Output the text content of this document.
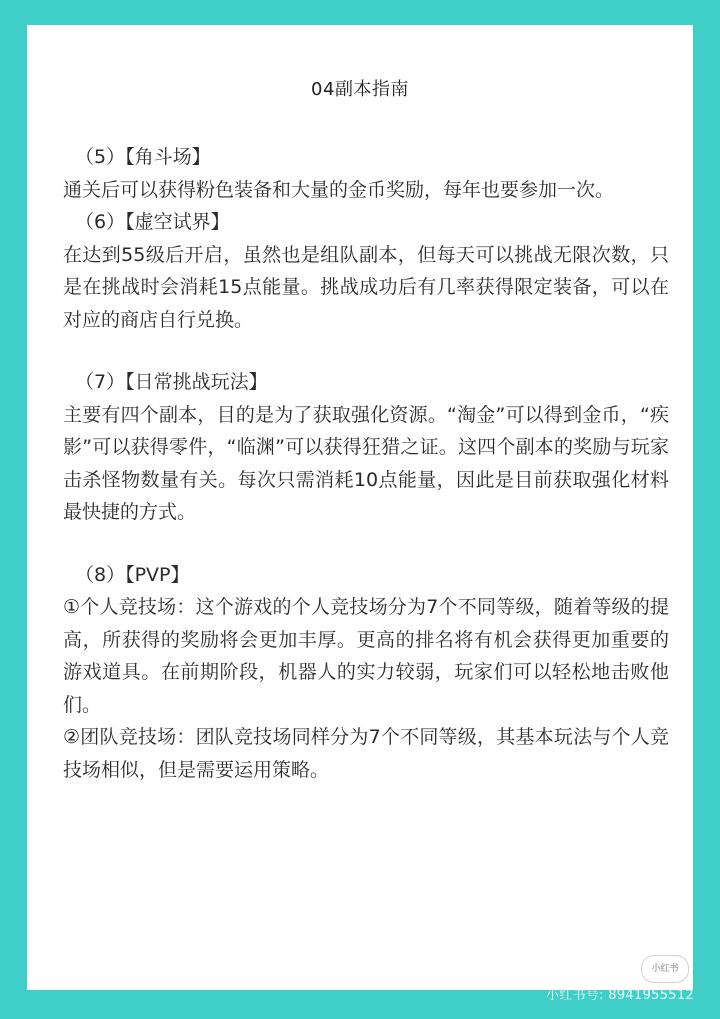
04副本指南
（5）【角斗场】
通关后可以获得粉色装备和大量的金币奖励，每年也要参加一次。
（6）【虚空试界】
在达到55级后开启，虽然也是组队副本，但每天可以挑战无限次数，只是在挑战时会消耗15点能量。挑战成功后有几率获得限定装备，可以在对应的商店自行兑换。
（7）【日常挑战玩法】
主要有四个副本，目的是为了获取强化资源。“淘金”可以得到金币，“疾影”可以获得零件，“临渊”可以获得狂猎之证。这四个副本的奖励与玩家击杀怪物数量有关。每次只需消耗10点能量，因此是目前获取强化材料最快捷的方式。
（8）【PVP】
①个人竞技场：这个游戏的个人竞技场分为7个不同等级，随着等级的提高，所获得的奖励将会更加丰厚。更高的排名将有机会获得更加重要的游戏道具。在前期阶段，机器人的实力较弱，玩家们可以轻松地击败他们。
②团队竞技场：团队竞技场同样分为7个不同等级，其基本玩法与个人竞技场相似，但是需要运用策略。
小红书
小红书号: 8941955512
